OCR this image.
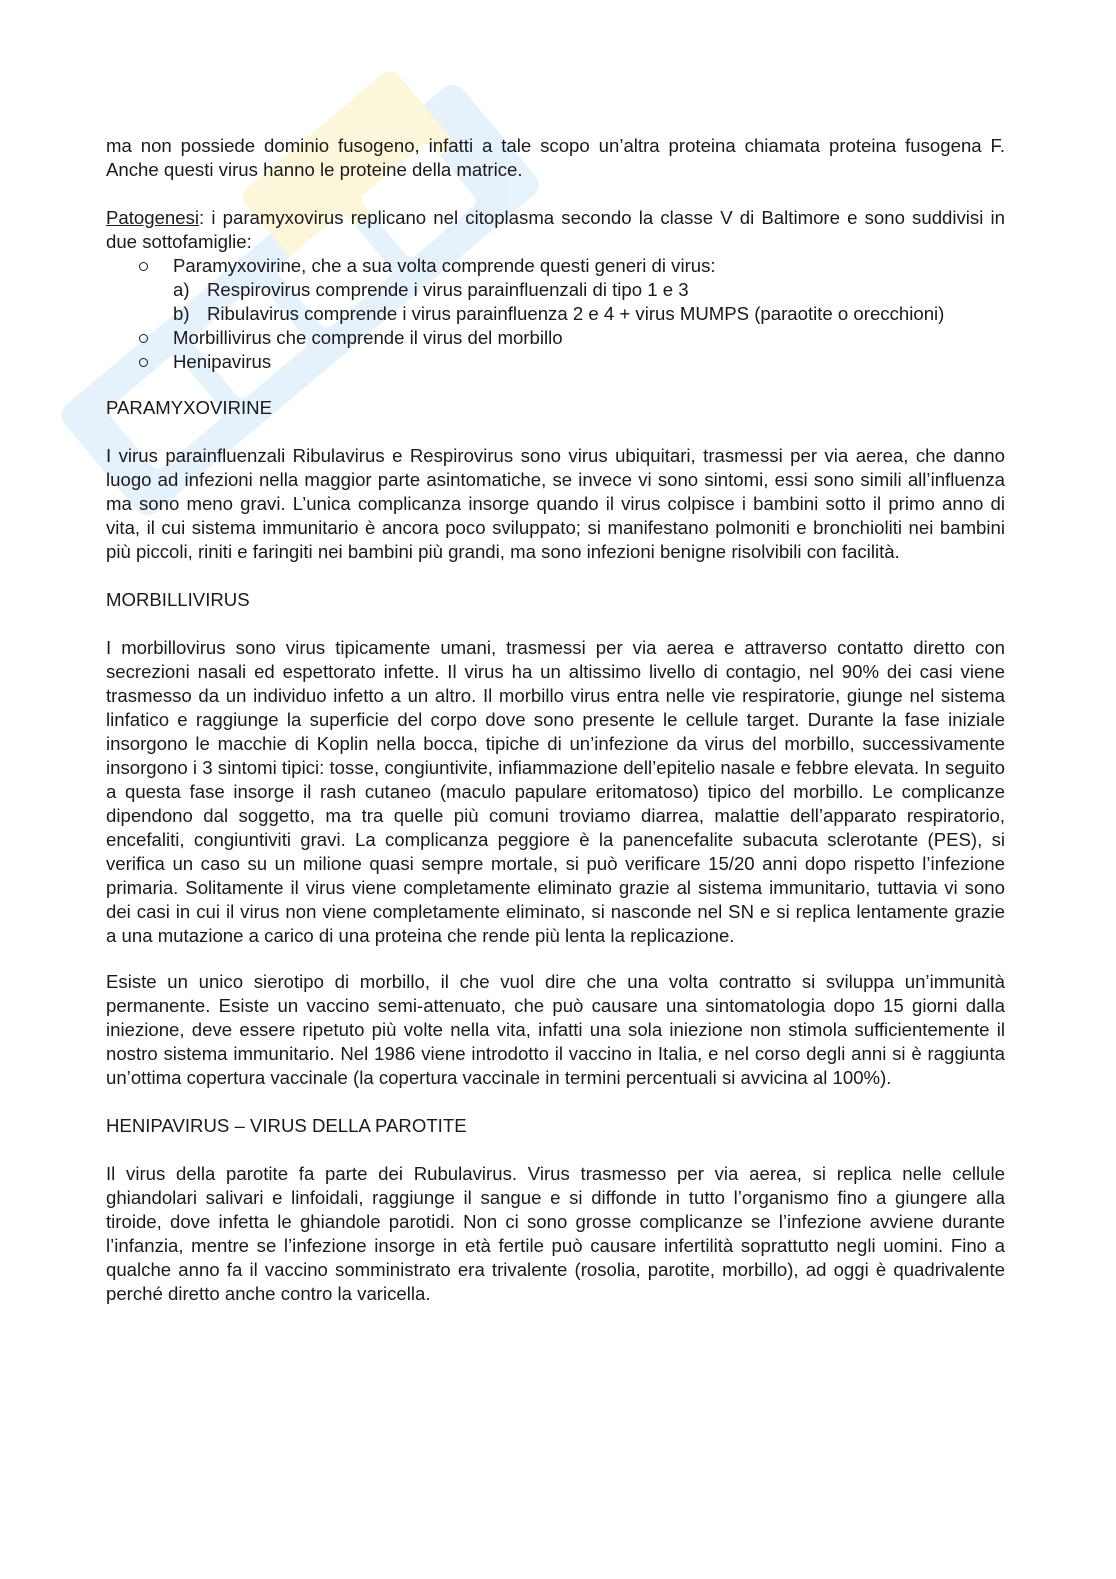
ma non possiede dominio fusogeno, infatti a tale scopo un’altra proteina chiamata proteina fusogena F. Anche questi virus hanno le proteine della matrice.

Patogenesi: i paramyxovirus replicano nel citoplasma secondo la classe V di Baltimore e sono suddivisi in due sottofamiglie:

Paramyxovirine, che a sua volta comprende questi generi di virus:
a) Respirovirus comprende i virus parainfluenzali di tipo 1 e 3
b) Ribulavirus comprende i virus parainfluenza 2 e 4 + virus MUMPS (paraotite o orecchioni)
Morbillivirus che comprende il virus del morbillo
Henipavirus
PARAMYXOVIRINE

I virus parainfluenzali Ribulavirus e Respirovirus sono virus ubiquitari, trasmessi per via aerea, che danno luogo ad infezioni nella maggior parte asintomatiche, se invece vi sono sintomi, essi sono simili all’influenza ma sono meno gravi. L’unica complicanza insorge quando il virus colpisce i bambini sotto il primo anno di vita, il cui sistema immunitario è ancora poco sviluppato; si manifestano polmoniti e bronchioliti nei bambini più piccoli, riniti e faringiti nei bambini più grandi, ma sono infezioni benigne risolvibili con facilità.

MORBILLIVIRUS

I morbillovirus sono virus tipicamente umani, trasmessi per via aerea e attraverso contatto diretto con secrezioni nasali ed espettorato infette. Il virus ha un altissimo livello di contagio, nel 90% dei casi viene trasmesso da un individuo infetto a un altro. Il morbillo virus entra nelle vie respiratorie, giunge nel sistema linfatico e raggiunge la superficie del corpo dove sono presente le cellule target. Durante la fase iniziale insorgono le macchie di Koplin nella bocca, tipiche di un’infezione da virus del morbillo, successivamente insorgono i 3 sintomi tipici: tosse, congiuntivite, infiammazione dell’epitelio nasale e febbre elevata. In seguito a questa fase insorge il rash cutaneo (maculo papulare eritomatoso) tipico del morbillo. Le complicanze dipendono dal soggetto, ma tra quelle più comuni troviamo diarrea, malattie dell’apparato respiratorio, encefaliti, congiuntiviti gravi. La complicanza peggiore è la panencefalite subacuta sclerotante (PES), si verifica un caso su un milione quasi sempre mortale, si può verificare 15/20 anni dopo rispetto l’infezione primaria. Solitamente il virus viene completamente eliminato grazie al sistema immunitario, tuttavia vi sono dei casi in cui il virus non viene completamente eliminato, si nasconde nel SN e si replica lentamente grazie a una mutazione a carico di una proteina che rende più lenta la replicazione.

Esiste un unico sierotipo di morbillo, il che vuol dire che una volta contratto si sviluppa un’immunità permanente. Esiste un vaccino semi-attenuato, che può causare una sintomatologia dopo 15 giorni dalla iniezione, deve essere ripetuto più volte nella vita, infatti una sola iniezione non stimola sufficientemente il nostro sistema immunitario. Nel 1986 viene introdotto il vaccino in Italia, e nel corso degli anni si è raggiunta un’ottima copertura vaccinale (la copertura vaccinale in termini percentuali si avvicina al 100%).

HENIPAVIRUS – VIRUS DELLA PAROTITE

Il virus della parotite fa parte dei Rubulavirus. Virus trasmesso per via aerea, si replica nelle cellule ghiandolari salivari e linfoidali, raggiunge il sangue e si diffonde in tutto l’organismo fino a giungere alla tiroide, dove infetta le ghiandole parotidi. Non ci sono grosse complicanze se l’infezione avviene durante l’infanzia, mentre se l’infezione insorge in età fertile può causare infertilità soprattutto negli uomini. Fino a qualche anno fa il vaccino somministrato era trivalente (rosolia, parotite, morbillo), ad oggi è quadrivalente perché diretto anche contro la varicella.
